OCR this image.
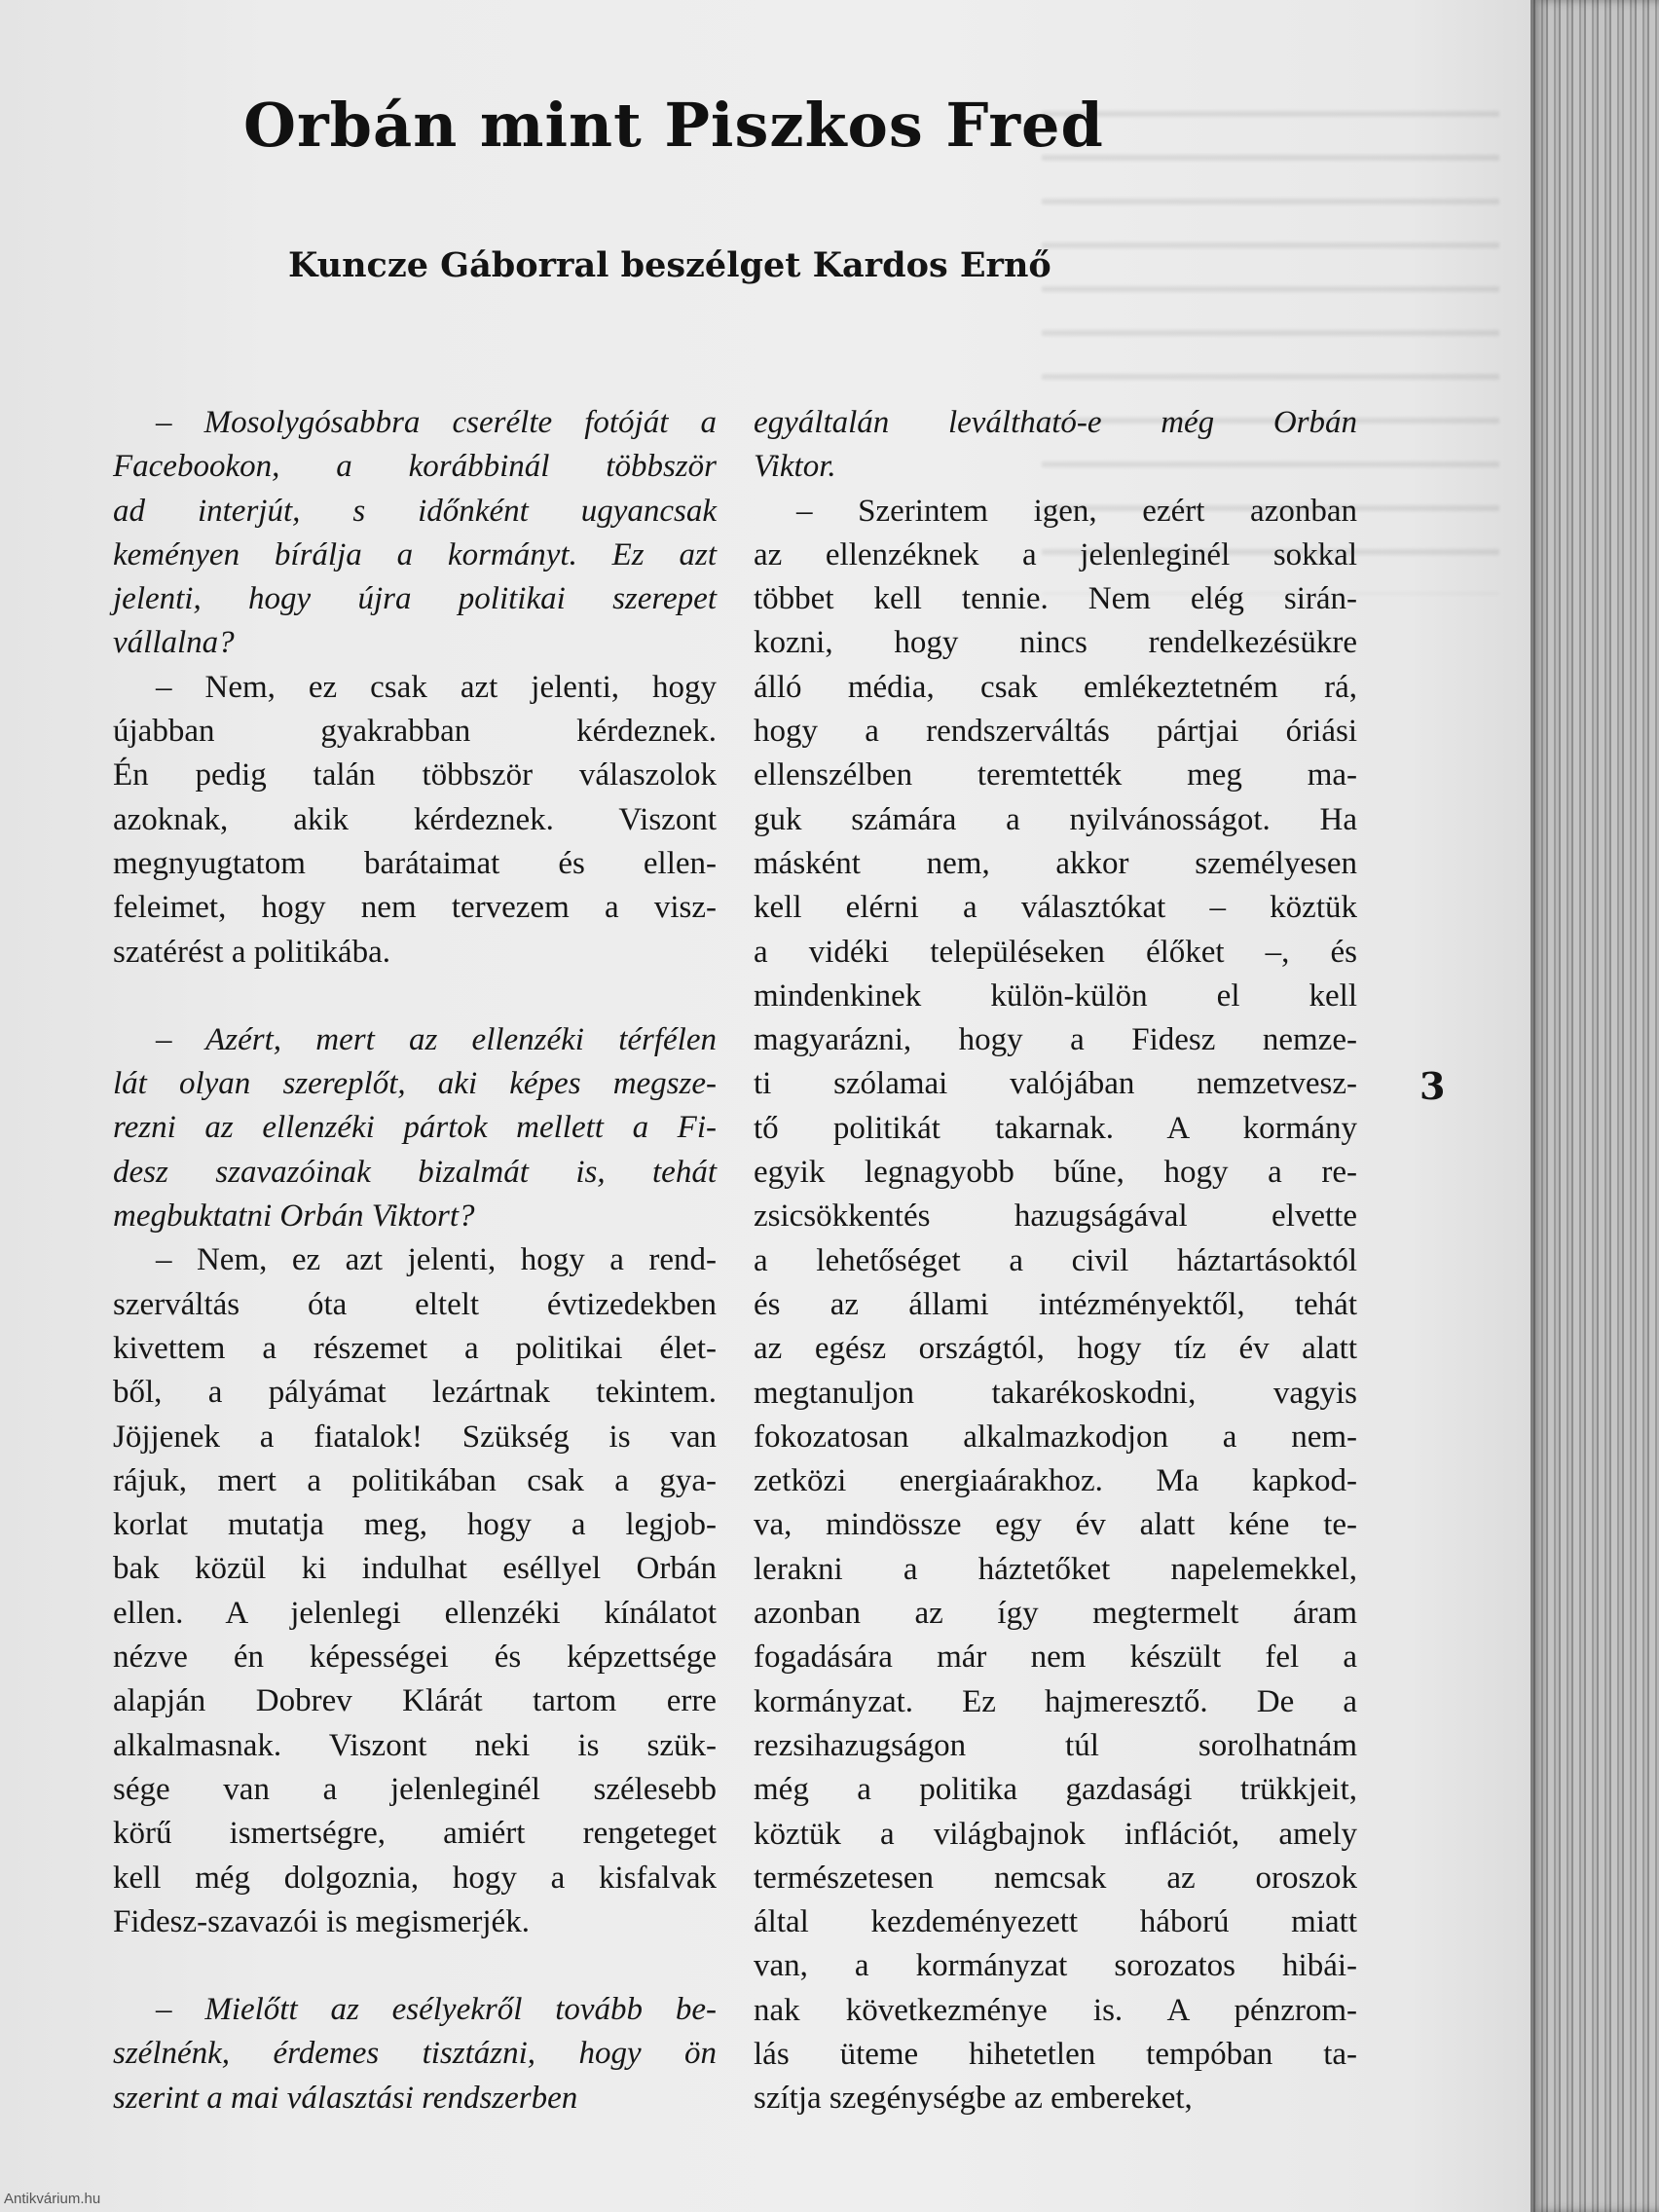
Orbán mint Piszkos Fred
Kuncze Gáborral beszélget Kardos Ernő

– Mosolygósabbra cserélte fotóját a
Facebookon, a korábbinál többször
ad interjút, s időnként ugyancsak
keményen bírálja a kormányt. Ez azt
jelenti, hogy újra politikai szerepet
vállalna?

– Nem, ez csak azt jelenti, hogy
újabban gyakrabban kérdeznek.
Én pedig talán többször válaszolok
azoknak, akik kérdeznek. Viszont
megnyugtatom barátaimat és ellen-
feleimet, hogy nem tervezem a visz-
szatérést a politikába.

– Azért, mert az ellenzéki térfélen
lát olyan szereplőt, aki képes megsze-
rezni az ellenzéki pártok mellett a Fi-
desz szavazóinak bizalmát is, tehát
megbuktatni Orbán Viktort?

– Nem, ez azt jelenti, hogy a rend-
szerváltás óta eltelt évtizedekben
kivettem a részemet a politikai élet-
ből, a pályámat lezártnak tekintem.
Jöjjenek a fiatalok! Szükség is van
rájuk, mert a politikában csak a gya-
korlat mutatja meg, hogy a legjob-
bak közül ki indulhat eséllyel Orbán
ellen. A jelenlegi ellenzéki kínálatot
nézve én képességei és képzettsége
alapján Dobrev Klárát tartom erre
alkalmasnak. Viszont neki is szük-
sége van a jelenleginél szélesebb
körű ismertségre, amiért rengeteget
kell még dolgoznia, hogy a kisfalvak
Fidesz-szavazói is megismerjék.

– Mielőtt az esélyekről tovább be-
szélnénk, érdemes tisztázni, hogy ön
szerint a mai választási rendszerben

egyáltalán leváltható-e még Orbán
Viktor.

– Szerintem igen, ezért azonban
az ellenzéknek a jelenleginél sokkal
többet kell tennie. Nem elég sirán-
kozni, hogy nincs rendelkezésükre
álló média, csak emlékeztetném rá,
hogy a rendszerváltás pártjai óriási
ellenszélben teremtették meg ma-
guk számára a nyilvánosságot. Ha
másként nem, akkor személyesen
kell elérni a választókat – köztük
a vidéki településeken élőket –, és
mindenkinek külön-külön el kell
magyarázni, hogy a Fidesz nemze-
ti szólamai valójában nemzetvesz-
tő politikát takarnak. A kormány
egyik legnagyobb bűne, hogy a re-
zsicsökkentés hazugságával elvette
a lehetőséget a civil háztartásoktól
és az állami intézményektől, tehát
az egész országtól, hogy tíz év alatt
megtanuljon takarékoskodni, vagyis
fokozatosan alkalmazkodjon a nem-
zetközi energiaárakhoz. Ma kapkod-
va, mindössze egy év alatt kéne te-
lerakni a háztetőket napelemekkel,
azonban az így megtermelt áram
fogadására már nem készült fel a
kormányzat. Ez hajmeresztő. De a
rezsihazugságon túl sorolhatnám
még a politika gazdasági trükkjeit,
köztük a világbajnok inflációt, amely
természetesen nemcsak az oroszok
által kezdeményezett háború miatt
van, a kormányzat sorozatos hibái-
nak következménye is. A pénzrom-
lás üteme hihetetlen tempóban ta-
szítja szegénységbe az embereket,

3
Antikvárium.hu
